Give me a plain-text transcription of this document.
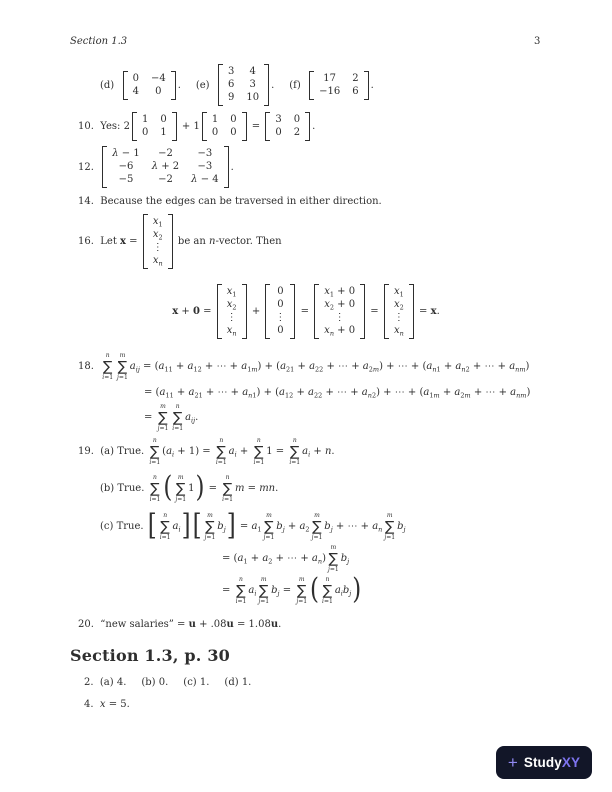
Section 1.3	3
(d)
0 −4
4 0
.  (e)
3 4
6 3
9 10
.  (f)
17 2
−16 6
.
10.  Yes: 2
1 0
0 1
+ 1
1 0
0 0
=
3 0
0 2
.
12.
λ − 1 −2 −3
−6 λ + 2 −3
−5 −2 λ − 4
.
14.  Because the edges can be traversed in either direction.
16.  Let x =
$x_1$
$x_2$
⋮
$x_n$
be an n-vector. Then
x + 0 =
$x_1$
$x_2$
⋮
$x_n$
+
0
0
⋮
0
=
$x_1 + 0$
$x_2 + 0$
⋮
$x_n + 0$
=
$x_1$
$x_2$
⋮
$x_n$
= x.
18.
n
∑
i=1
m
∑
j=1
$a_{ij} = (a_{11} + a_{12}$ + ⋯ + $a_{1m}) + (a_{21} + a_{22}$ + ⋯ + $a_{2m}$) + ⋯ + ($a_{n1} + a_{n2}$ + ⋯ + $a_{nm}$)
= ($a_{11} + a_{21}$ + ⋯ + $a_{n1}) + (a_{12} + a_{22}$ + ⋯ + $a_{n2}$) + ⋯ + ($a_{1m} + a_{2m}$ + ⋯ + $a_{nm}$)
=
m
∑
j=1
n
∑
i=1
$a_{ij}$.
19.  (a) True.
n
∑
i=1
$(a_i + 1)$ =
n
∑
i=1
$a_i$ +
n
∑
i=1
1 =
n
∑
i=1
$a_i + n$.
(b) True.
n
∑
i=1 ( m
∑
j=1
1 ) =
n
∑
i=1
m = mn.
(c) True. [ n
∑
i=1
$a_i$ ] [ m
∑
j=1
$b_j$ ] = $a_1$
m
∑
j=1
$b_j + a_2$
m
∑
j=1
$b_j$ + ⋯ + $a_n$
m
∑
j=1
$b_j$
= ($a_1 + a_2$ + ⋯ + $a_n$)
m
∑
j=1
$b_j$
=
n
∑
i=1
$a_i$
m
∑
j=1
$b_j$ =
m
∑
j=1 ( n
∑
i=1
$a_ib_j$ )
20.  “new salaries” = u + .08u = 1.08u.
Section 1.3, p. 30
2.  (a) 4.  (b) 0.  (c) 1.  (d) 1.
4.  x = 5.
+ StudyXY
